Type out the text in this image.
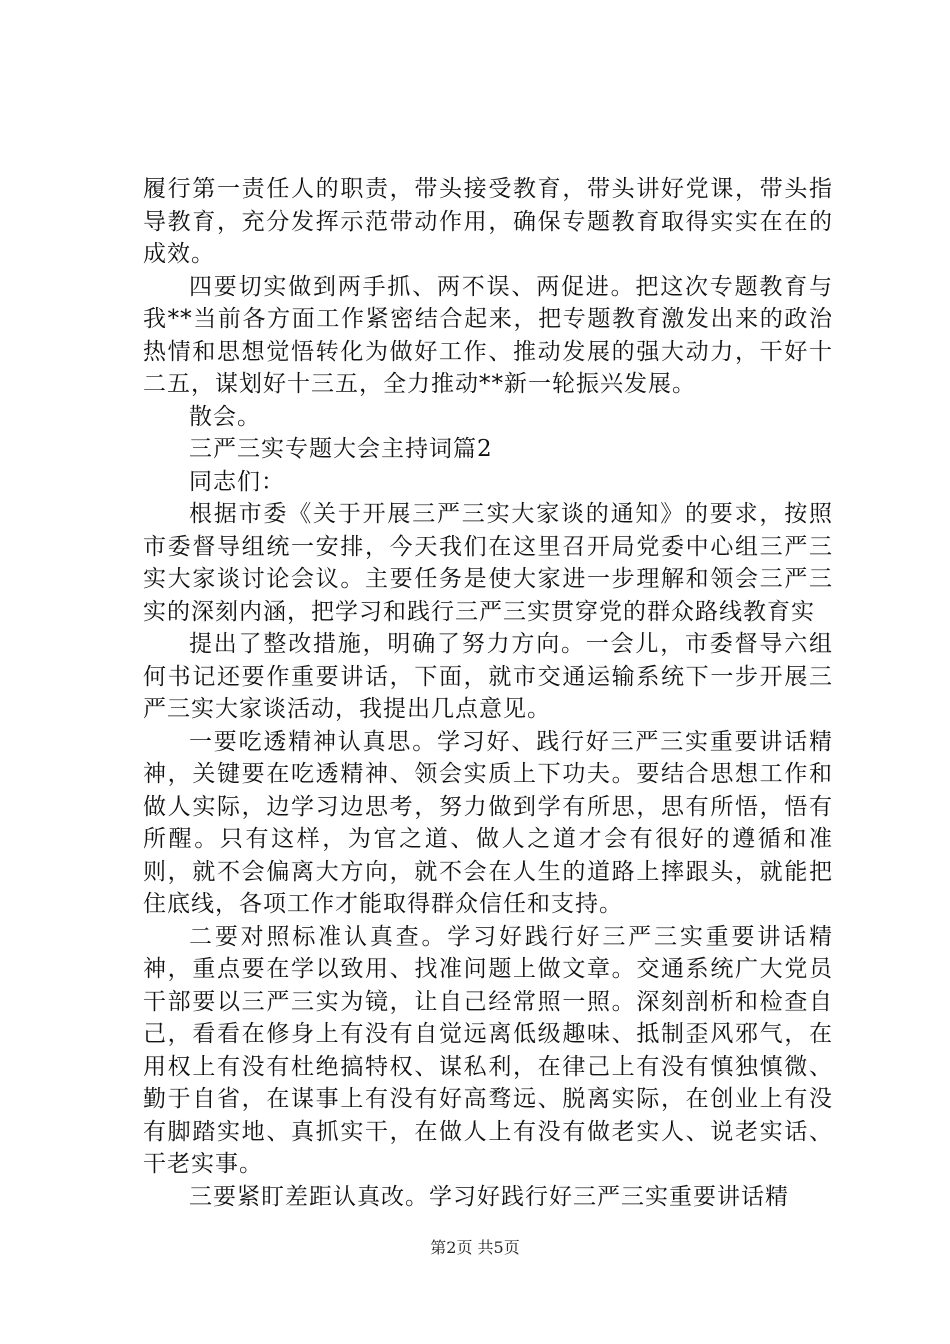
履行第一责任人的职责，带头接受教育，带头讲好党课，带头指导教育，充分发挥示范带动作用，确保专题教育取得实实在在的成效。

四要切实做到两手抓、两不误、两促进。把这次专题教育与我**当前各方面工作紧密结合起来，把专题教育激发出来的政治热情和思想觉悟转化为做好工作、推动发展的强大动力，干好十二五，谋划好十三五，全力推动**新一轮振兴发展。

散会。

三严三实专题大会主持词篇2

同志们：

根据市委《关于开展三严三实大家谈的通知》的要求，按照市委督导组统一安排，今天我们在这里召开局党委中心组三严三实大家谈讨论会议。主要任务是使大家进一步理解和领会三严三实的深刻内涵，把学习和践行三严三实贯穿党的群众路线教育实

提出了整改措施，明确了努力方向。一会儿，市委督导六组何书记还要作重要讲话，下面，就市交通运输系统下一步开展三严三实大家谈活动，我提出几点意见。

一要吃透精神认真思。学习好、践行好三严三实重要讲话精神，关键要在吃透精神、领会实质上下功夫。要结合思想工作和做人实际，边学习边思考，努力做到学有所思，思有所悟，悟有所醒。只有这样，为官之道、做人之道才会有很好的遵循和准则，就不会偏离大方向，就不会在人生的道路上摔跟头，就能把住底线，各项工作才能取得群众信任和支持。

二要对照标准认真查。学习好践行好三严三实重要讲话精神，重点要在学以致用、找准问题上做文章。交通系统广大党员干部要以三严三实为镜，让自己经常照一照。深刻剖析和检查自己，看看在修身上有没有自觉远离低级趣味、抵制歪风邪气，在用权上有没有杜绝搞特权、谋私利，在律己上有没有慎独慎微、勤于自省，在谋事上有没有好高骛远、脱离实际，在创业上有没有脚踏实地、真抓实干，在做人上有没有做老实人、说老实话、干老实事。

三要紧盯差距认真改。学习好践行好三严三实重要讲话精

第2页 共5页
